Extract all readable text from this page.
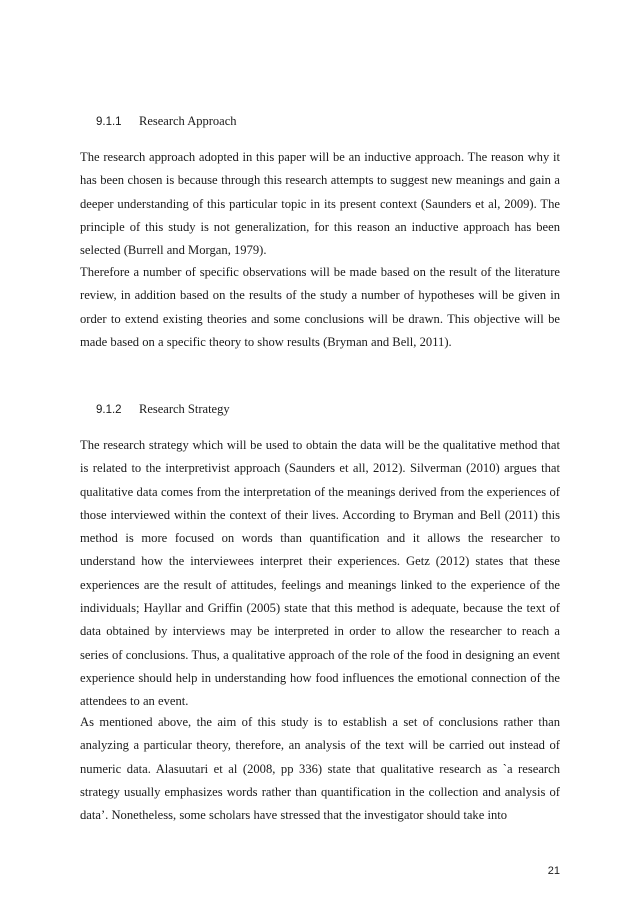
9.1.1 Research Approach

The research approach adopted in this paper will be an inductive approach. The reason why it has been chosen is because through this research attempts to suggest new meanings and gain a deeper understanding of this particular topic in its present context (Saunders et al, 2009). The principle of this study is not generalization, for this reason an inductive approach has been selected (Burrell and Morgan, 1979).

Therefore a number of specific observations will be made based on the result of the literature review, in addition based on the results of the study a number of hypotheses will be given in order to extend existing theories and some conclusions will be drawn. This objective will be made based on a specific theory to show results (Bryman and Bell, 2011).

9.1.2 Research Strategy

The research strategy which will be used to obtain the data will be the qualitative method that is related to the interpretivist approach (Saunders et all, 2012). Silverman (2010) argues that qualitative data comes from the interpretation of the meanings derived from the experiences of those interviewed within the context of their lives. According to Bryman and Bell (2011) this method is more focused on words than quantification and it allows the researcher to understand how the interviewees interpret their experiences. Getz (2012) states that these experiences are the result of attitudes, feelings and meanings linked to the experience of the individuals; Hayllar and Griffin (2005) state that this method is adequate, because the text of data obtained by interviews may be interpreted in order to allow the researcher to reach a series of conclusions. Thus, a qualitative approach of the role of the food in designing an event experience should help in understanding how food influences the emotional connection of the attendees to an event.

As mentioned above, the aim of this study is to establish a set of conclusions rather than analyzing a particular theory, therefore, an analysis of the text will be carried out instead of numeric data. Alasuutari et al (2008, pp 336) state that qualitative research as `a research strategy usually emphasizes words rather than quantification in the collection and analysis of data’. Nonetheless, some scholars have stressed that the investigator should take into

21
